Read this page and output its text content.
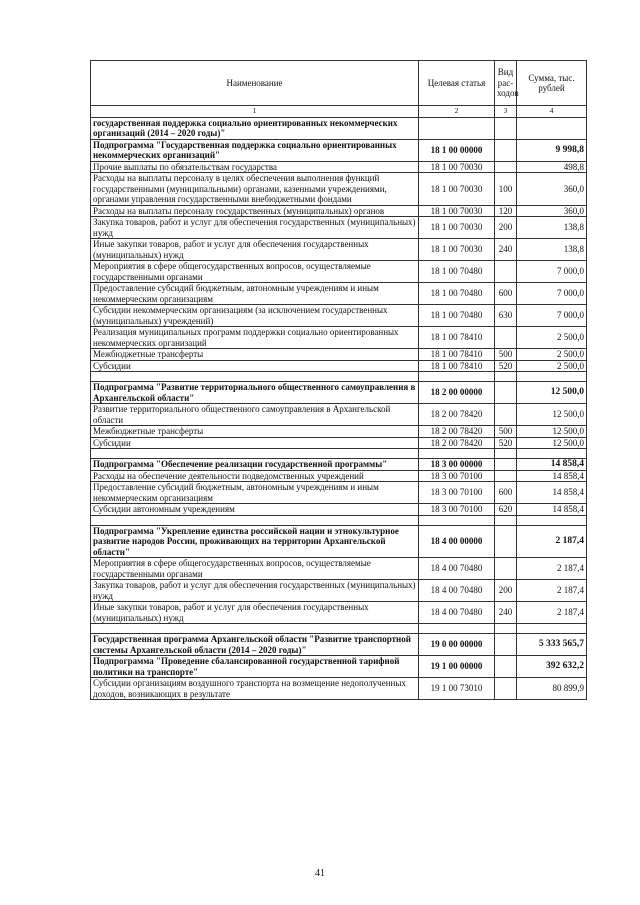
Наименование	Целевая статья	Вид рас-ходов	Сумма, тыс. рублей
1	2	3	4
государственная поддержка социально ориентированных некоммерческих организаций (2014 – 2020 годы)"			
Подпрограмма "Государственная поддержка социально ориентированных некоммерческих организаций"	18 1 00 00000		9 998,8
Прочие выплаты по обязательствам государства	18 1 00 70030		498,8
Расходы на выплаты персоналу в целях обеспечения выполнения функций государственными (муниципальными) органами, казенными учреждениями, органами управления государственными внебюджетными фондами	18 1 00 70030	100	360,0
Расходы на выплаты персоналу государственных (муниципальных) органов	18 1 00 70030	120	360,0
Закупка товаров, работ и услуг для обеспечения государственных (муниципальных) нужд	18 1 00 70030	200	138,8
Иные закупки товаров, работ и услуг для обеспечения государственных (муниципальных) нужд	18 1 00 70030	240	138,8
Мероприятия в сфере общегосударственных вопросов, осуществляемые государственными органами	18 1 00 70480		7 000,0
Предоставление субсидий бюджетным, автономным учреждениям и иным некоммерческим организациям	18 1 00 70480	600	7 000,0
Субсидии некоммерческим организациям (за исключением государственных (муниципальных) учреждений)	18 1 00 70480	630	7 000,0
Реализация муниципальных программ поддержки социально ориентированных некоммерческих организаций	18 1 00 78410		2 500,0
Межбюджетные трансферты	18 1 00 78410	500	2 500,0
Субсидии	18 1 00 78410	520	2 500,0

Подпрограмма "Развитие территориального общественного самоуправления в Архангельской области"	18 2 00 00000		12 500,0
Развитие территориального общественного самоуправления в Архангельской области	18 2 00 78420		12 500,0
Межбюджетные трансферты	18 2 00 78420	500	12 500,0
Субсидии	18 2 00 78420	520	12 500,0

Подпрограмма "Обеспечение реализации государственной программы"	18 3 00 00000		14 858,4
Расходы на обеспечение деятельности подведомственных учреждений	18 3 00 70100		14 858,4
Предоставление субсидий бюджетным, автономным учреждениям и иным некоммерческим организациям	18 3 00 70100	600	14 858,4
Субсидии автономным учреждениям	18 3 00 70100	620	14 858,4

Подпрограмма "Укрепление единства российской нации и этнокультурное развитие народов России, проживающих на территории Архангельской области"	18 4 00 00000		2 187,4
Мероприятия в сфере общегосударственных вопросов, осуществляемые государственными органами	18 4 00 70480		2 187,4
Закупка товаров, работ и услуг для обеспечения государственных (муниципальных) нужд	18 4 00 70480	200	2 187,4
Иные закупки товаров, работ и услуг для обеспечения государственных (муниципальных) нужд	18 4 00 70480	240	2 187,4

Государственная программа Архангельской области "Развитие транспортной системы Архангельской области (2014 – 2020 годы)"	19 0 00 00000		5 333 565,7
Подпрограмма "Проведение сбалансированной государственной тарифной политики на транспорте"	19 1 00 00000		392 632,2
Субсидии организациям воздушного транспорта на возмещение недополученных доходов, возникающих в результате	19 1 00 73010		80 899,9
41
